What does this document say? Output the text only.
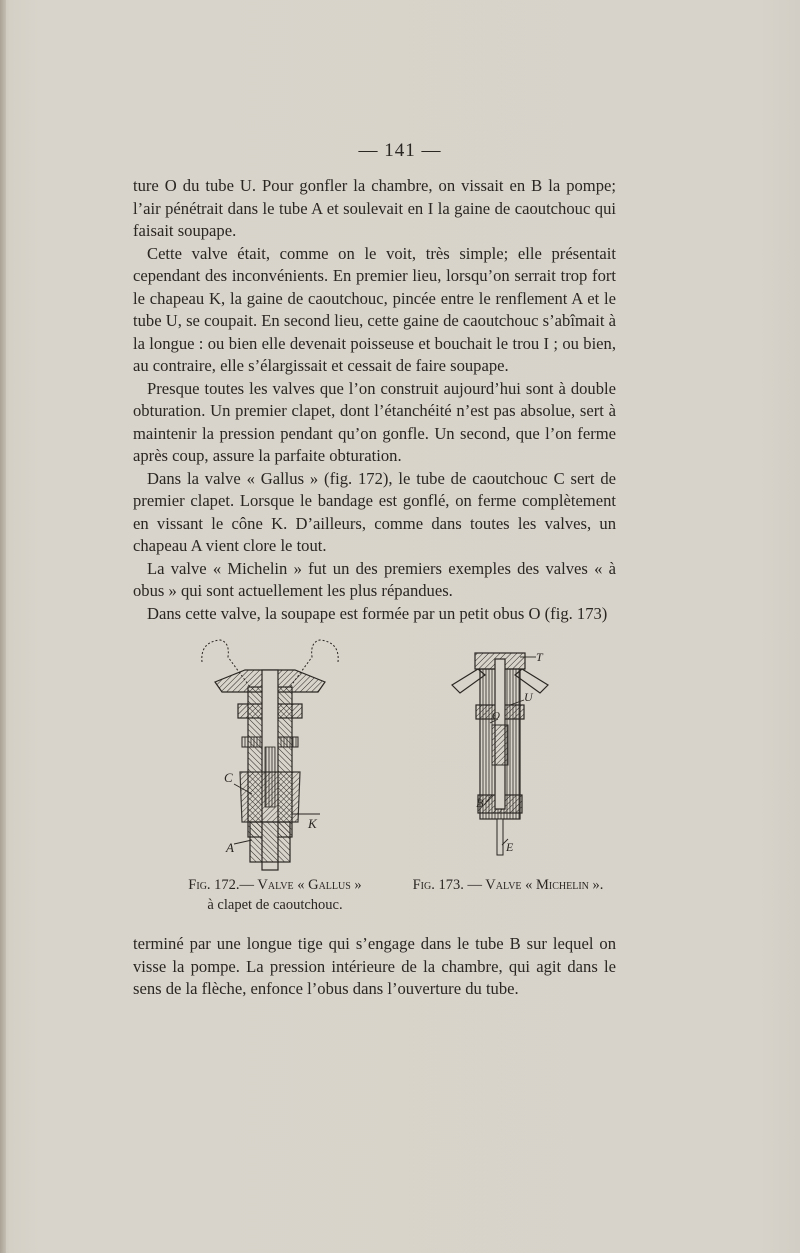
— 141 —

ture O du tube U. Pour gonfler la chambre, on vissait en B la pompe; l’air pénétrait dans le tube A et soulevait en I la gaine de caoutchouc qui faisait soupape.

Cette valve était, comme on le voit, très simple; elle présentait cependant des inconvénients. En premier lieu, lorsqu’on serrait trop fort le chapeau K, la gaine de caoutchouc, pincée entre le renflement A et le tube U, se coupait. En second lieu, cette gaine de caoutchouc s’abîmait à la longue : ou bien elle devenait poisseuse et bouchait le trou I ; ou bien, au contraire, elle s’élargissait et cessait de faire soupape.

Presque toutes les valves que l’on construit aujourd’hui sont à double obturation. Un premier clapet, dont l’étanchéité n’est pas absolue, sert à maintenir la pression pendant qu’on gonfle. Un second, que l’on ferme après coup, assure la parfaite obturation.

Dans la valve « Gallus » (fig. 172), le tube de caoutchouc C sert de premier clapet. Lorsque le bandage est gonflé, on ferme complètement en vissant le cône K. D’ailleurs, comme dans toutes les valves, un chapeau A vient clore le tout.

La valve « Michelin » fut un des premiers exemples des valves « à obus » qui sont actuellement les plus répandues.

Dans cette valve, la soupape est formée par un petit obus O (fig. 173)

C
K
A
T
U
O
B
E
Fig. 172.— Valve « Gallus »
à clapet de caoutchouc.
Fig. 173. — Valve « Michelin ».

terminé par une longue tige qui s’engage dans le tube B sur lequel on visse la pompe. La pression intérieure de la chambre, qui agit dans le sens de la flèche, enfonce l’obus dans l’ouverture du tube.
